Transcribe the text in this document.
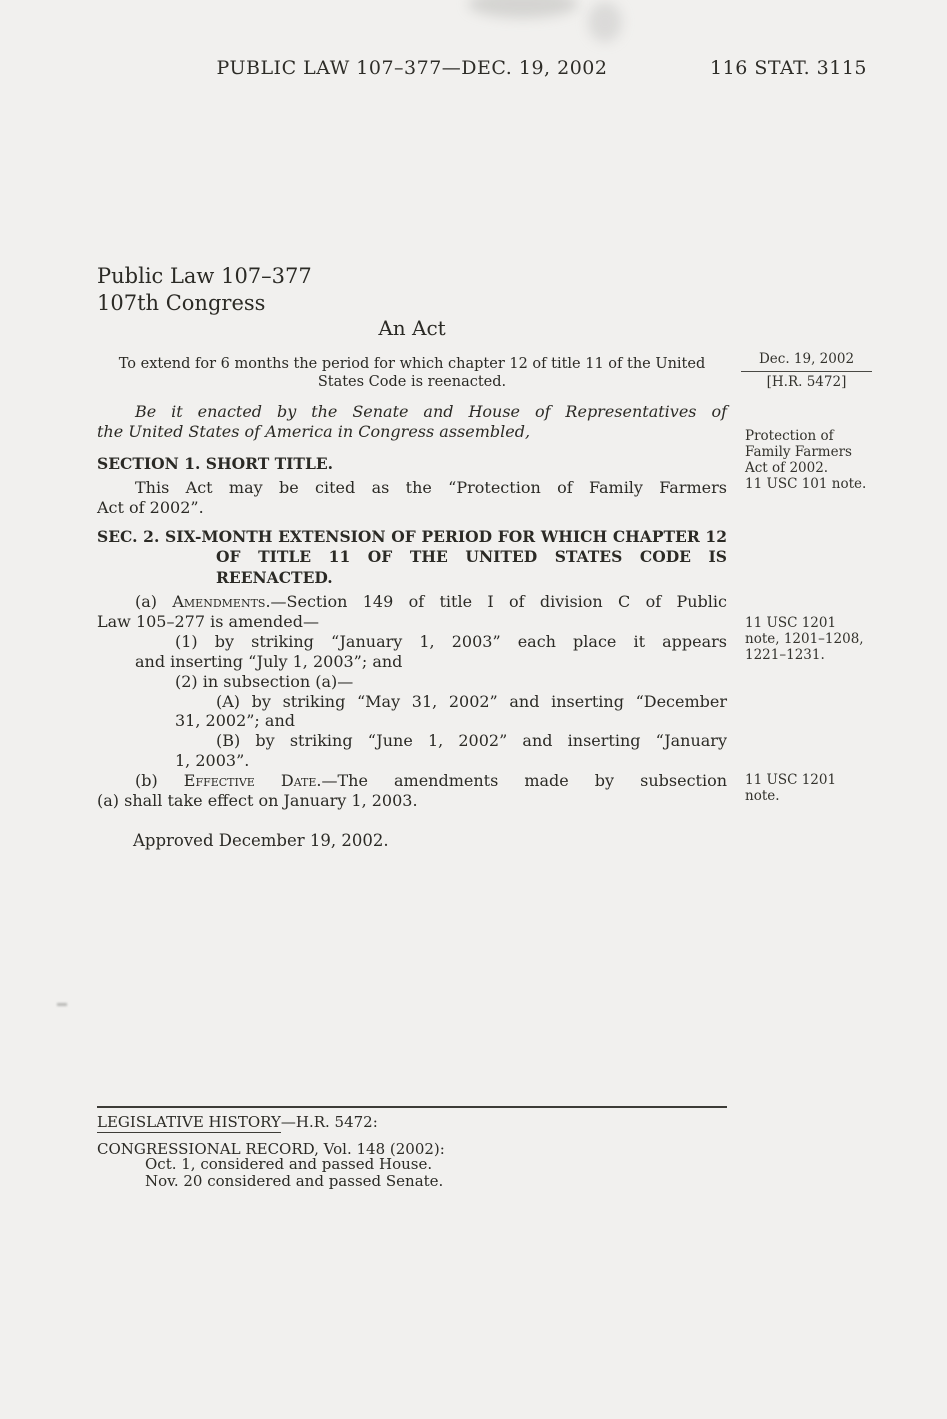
PUBLIC LAW 107–377—DEC. 19, 2002	116 STAT. 3115
Public Law 107–377
107th Congress
An Act
To extend for 6 months the period for which chapter 12 of title 11 of the United
States Code is reenacted.
Dec. 19, 2002
[H.R. 5472]
Protection of
Family Farmers
Act of 2002.
11 USC 101 note.
11 USC 1201
note, 1201–1208,
1221–1231.
11 USC 1201
note.
Be it enacted by the Senate and House of Representatives of
the United States of America in Congress assembled,
SECTION 1. SHORT TITLE.
This Act may be cited as the “Protection of Family Farmers
Act of 2002”.
SEC. 2. SIX-MONTH EXTENSION OF PERIOD FOR WHICH CHAPTER 12
OF TITLE 11 OF THE UNITED STATES CODE IS
REENACTED.
(a) Amendments.—Section 149 of title I of division C of Public
Law 105–277 is amended—
(1) by striking “January 1, 2003” each place it appears
and inserting “July 1, 2003”; and
(2) in subsection (a)—
(A) by striking “May 31, 2002” and inserting “December
31, 2002”; and
(B) by striking “June 1, 2002” and inserting “January
1, 2003”.
(b) Effective Date.—The amendments made by subsection
(a) shall take effect on January 1, 2003.
Approved December 19, 2002.
LEGISLATIVE HISTORY—H.R. 5472:
CONGRESSIONAL RECORD, Vol. 148 (2002):
Oct. 1, considered and passed House.
Nov. 20 considered and passed Senate.
